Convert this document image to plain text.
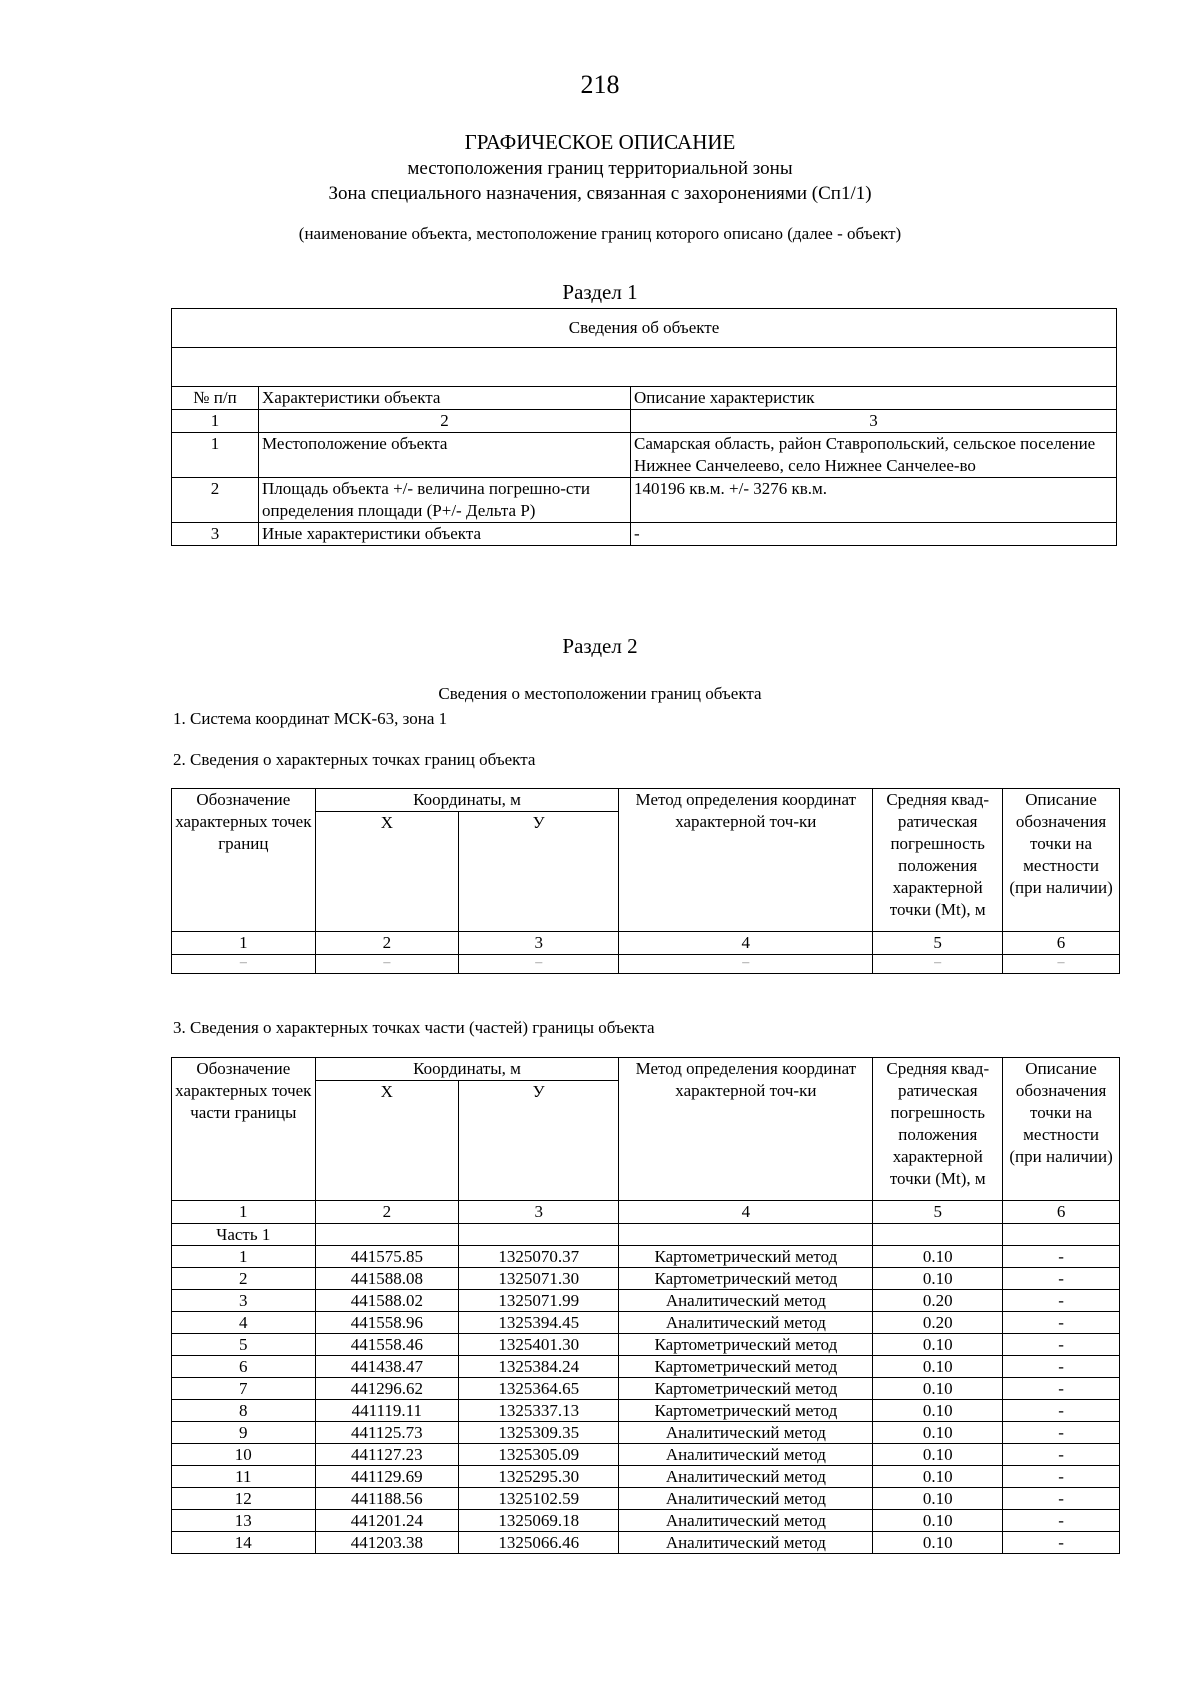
218
ГРАФИЧЕСКОЕ ОПИСАНИЕ
местоположения границ территориальной зоны
Зона специального назначения, связанная с захоронениями (Сп1/1)
(наименование объекта, местоположение границ которого описано (далее - объект)
Раздел 1
Сведения об объекте		

№ п/п	Характеристики объекта	Описание характеристик
1	2	3
1	Местоположение объекта	Самарская область, район Ставропольский, сельское поселение Нижнее Санчелеево, село Нижнее Санчелее-во
2	Площадь объекта +/- величина погрешно-сти определения площади (P+/- Дельта P)	140196 кв.м. +/- 3276 кв.м.
3	Иные характеристики объекта	-
Раздел 2
Сведения о местоположении границ объекта
1. Система координат МСК-63, зона 1
2. Сведения о характерных точках границ объекта
Обозначение характерных точек границ	Координаты, м		Метод определения координат характерной точ-ки	Средняя квад-ратическая погрешность положения характерной точки (Mt), м	Описание обозначения точки на местности (при наличии)
	Х	У			
1	2	3	4	5	6
–	–	–	–	–	–
3. Сведения о характерных точках части (частей) границы объекта
Обозначение характерных точек части границы	Координаты, м		Метод определения координат характерной точ-ки	Средняя квад-ратическая погрешность положения характерной точки (Mt), м	Описание обозначения точки на местности (при наличии)
	Х	У			
1	2	3	4	5	6
Часть 1					
1	441575.85	1325070.37	Картометрический метод	0.10	-
2	441588.08	1325071.30	Картометрический метод	0.10	-
3	441588.02	1325071.99	Аналитический метод	0.20	-
4	441558.96	1325394.45	Аналитический метод	0.20	-
5	441558.46	1325401.30	Картометрический метод	0.10	-
6	441438.47	1325384.24	Картометрический метод	0.10	-
7	441296.62	1325364.65	Картометрический метод	0.10	-
8	441119.11	1325337.13	Картометрический метод	0.10	-
9	441125.73	1325309.35	Аналитический метод	0.10	-
10	441127.23	1325305.09	Аналитический метод	0.10	-
11	441129.69	1325295.30	Аналитический метод	0.10	-
12	441188.56	1325102.59	Аналитический метод	0.10	-
13	441201.24	1325069.18	Аналитический метод	0.10	-
14	441203.38	1325066.46	Аналитический метод	0.10	-
